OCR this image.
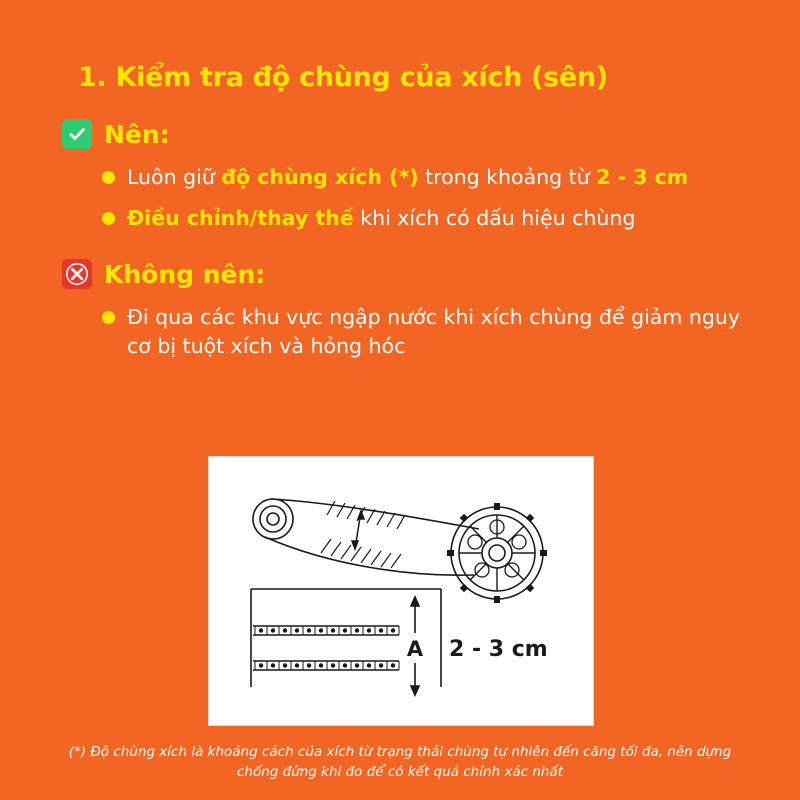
1. Kiểm tra độ chùng của xích (sên)
Nên:
Luôn giữ độ chùng xích (*) trong khoảng từ 2 - 3 cm
Điều chỉnh/thay thế khi xích có dấu hiệu chùng
Không nên:
Đi qua các khu vực ngập nước khi xích chùng để giảm nguy cơ bị tuột xích và hỏng hóc
A 2 - 3 cm
(*) Độ chùng xích là khoảng cách của xích từ trạng thái chùng tự nhiên đến căng tối đa, nên dựng chống đứng khi đo để có kết quả chính xác nhất
